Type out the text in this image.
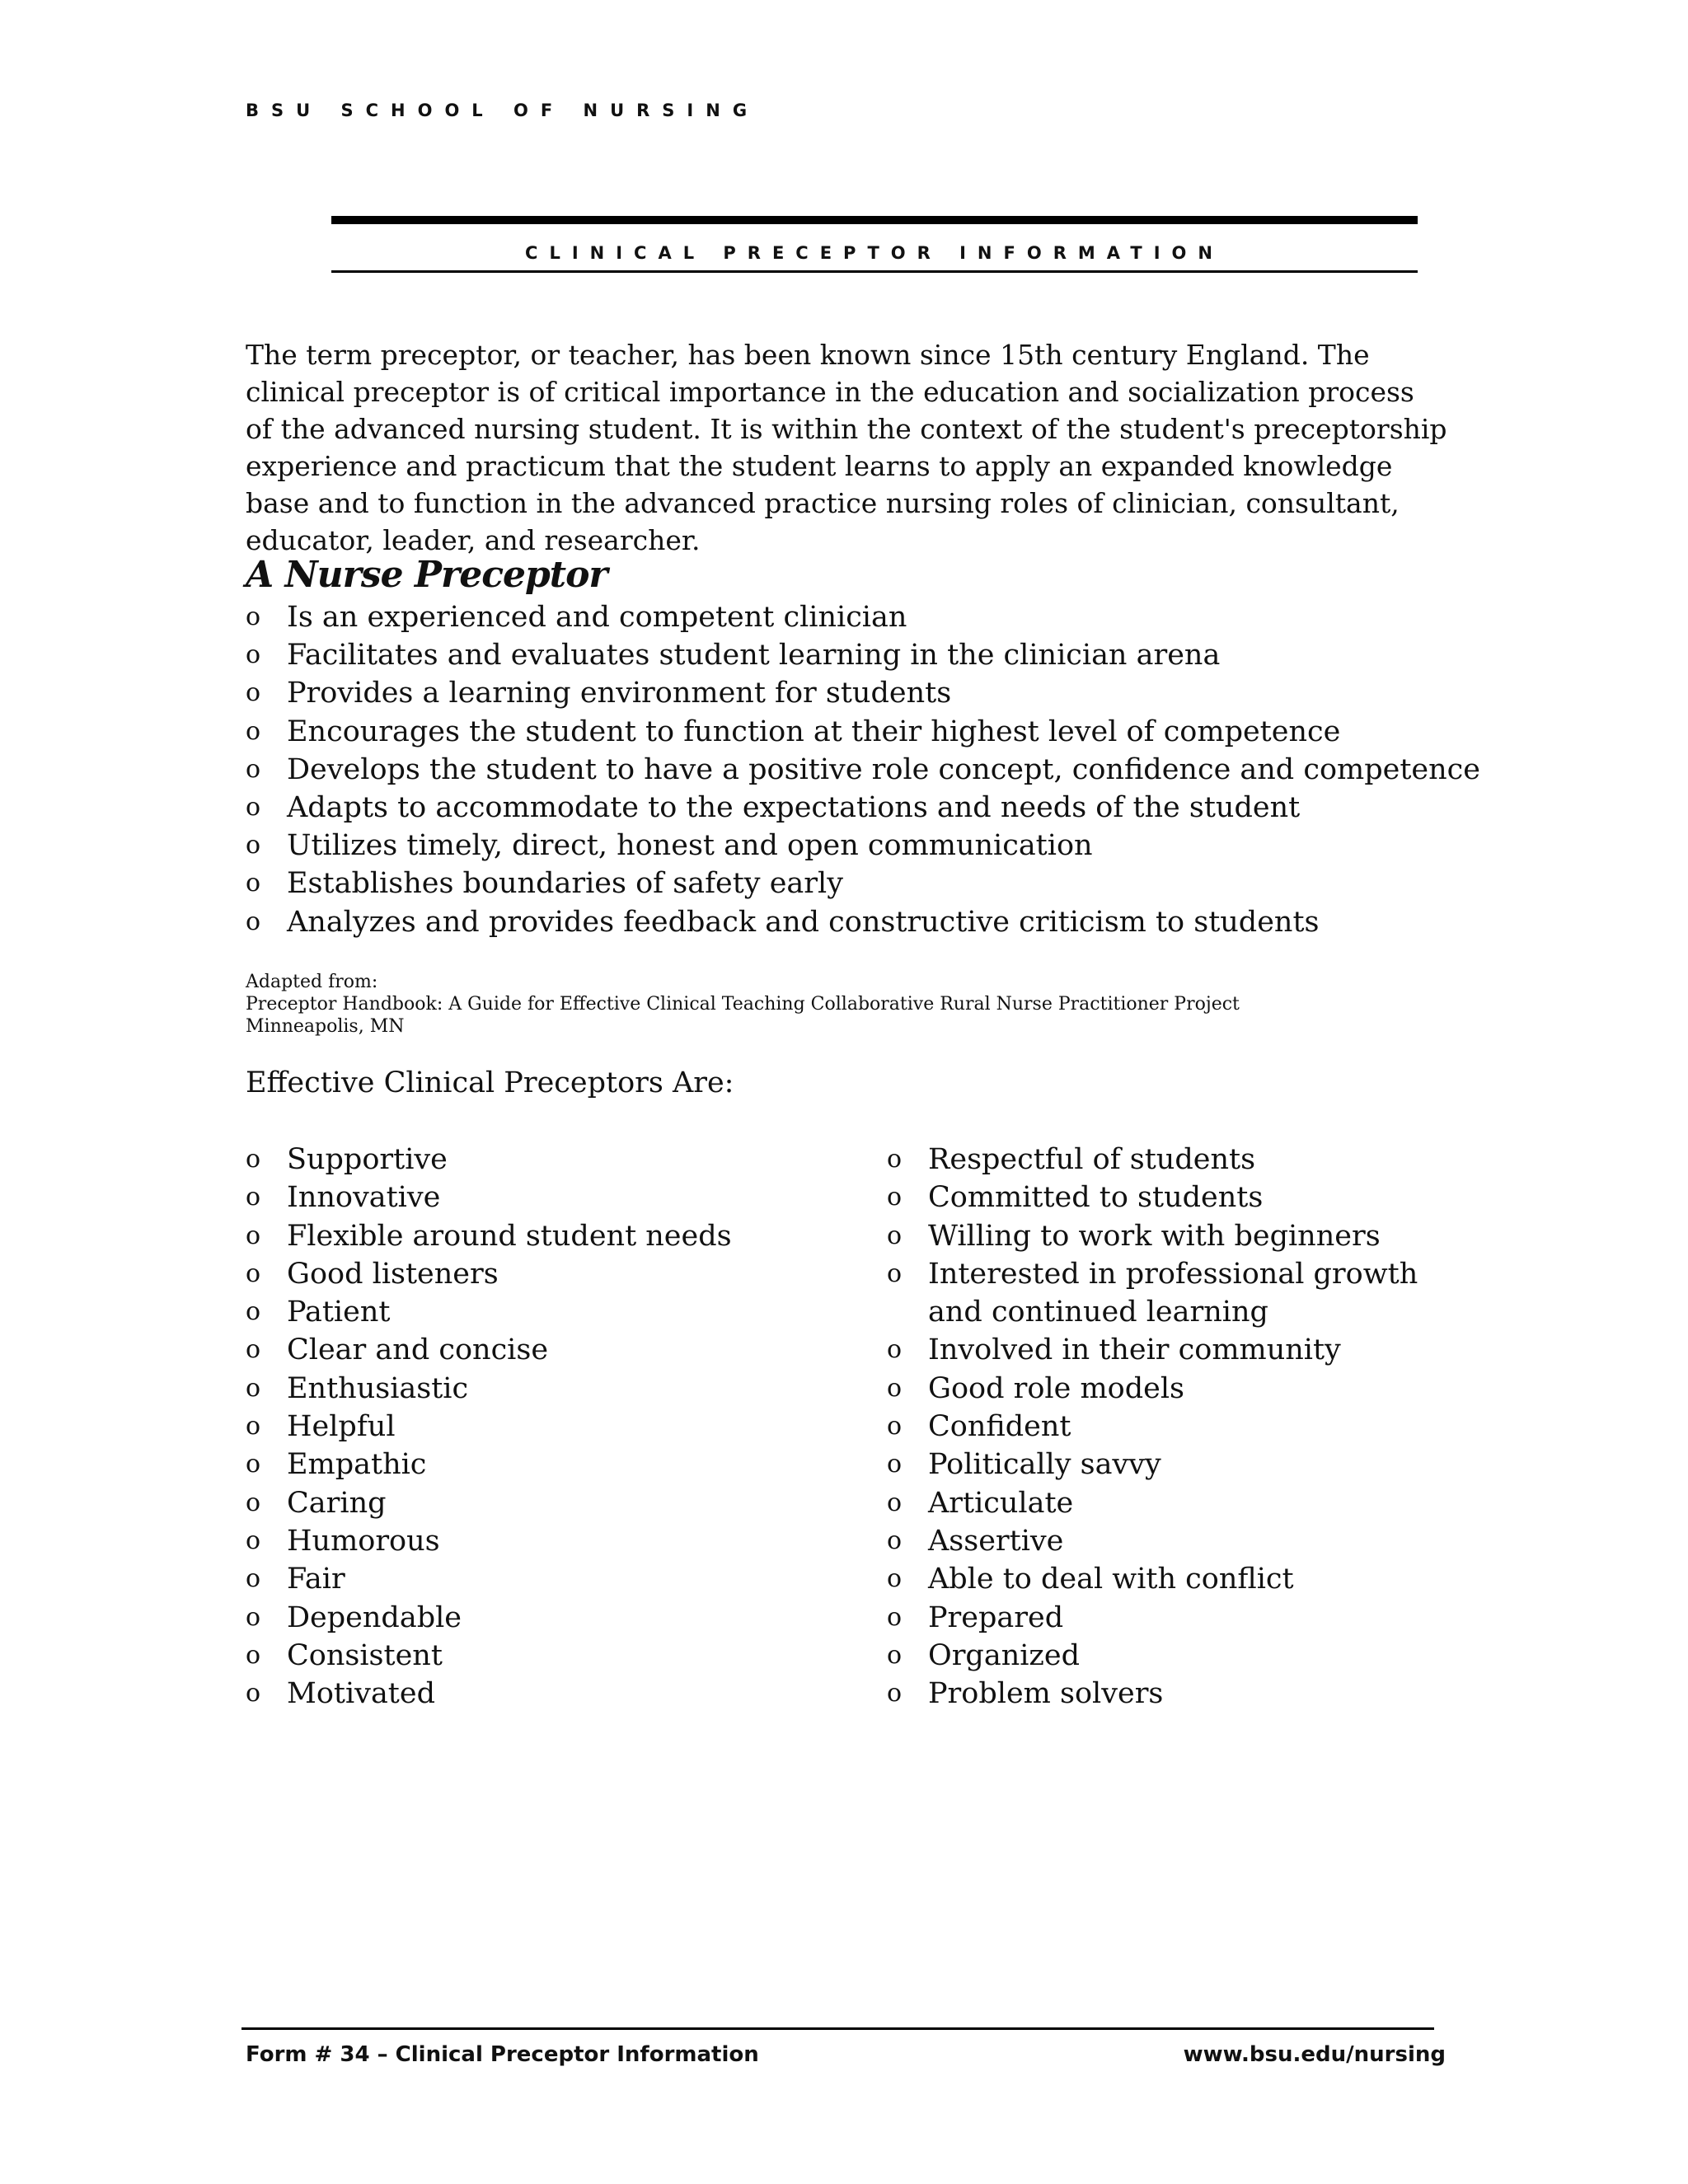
BSU SCHOOL OF NURSING
CLINICAL PRECEPTOR INFORMATION

The term preceptor, or teacher, has been known since 15th century England. The clinical preceptor is of critical importance in the education and socialization process of the advanced nursing student. It is within the context of the student's preceptorship experience and practicum that the student learns to apply an expanded knowledge base and to function in the advanced practice nursing roles of clinician, consultant, educator, leader, and researcher.

A Nurse Preceptor
o Is an experienced and competent clinician
o Facilitates and evaluates student learning in the clinician arena
o Provides a learning environment for students
o Encourages the student to function at their highest level of competence
o Develops the student to have a positive role concept, confidence and competence
o Adapts to accommodate to the expectations and needs of the student
o Utilizes timely, direct, honest and open communication
o Establishes boundaries of safety early
o Analyzes and provides feedback and constructive criticism to students
Adapted from:
Preceptor Handbook: A Guide for Effective Clinical Teaching Collaborative Rural Nurse Practitioner Project
Minneapolis, MN
Effective Clinical Preceptors Are:
o Supportive
o Innovative
o Flexible around student needs
o Good listeners
o Patient
o Clear and concise
o Enthusiastic
o Helpful
o Empathic
o Caring
o Humorous
o Fair
o Dependable
o Consistent
o Motivated
o Respectful of students
o Committed to students
o Willing to work with beginners
o Interested in professional growth
and continued learning
o Involved in their community
o Good role models
o Confident
o Politically savvy
o Articulate
o Assertive
o Able to deal with conflict
o Prepared
o Organized
o Problem solvers
Form # 34 – Clinical Preceptor Information	www.bsu.edu/nursing
